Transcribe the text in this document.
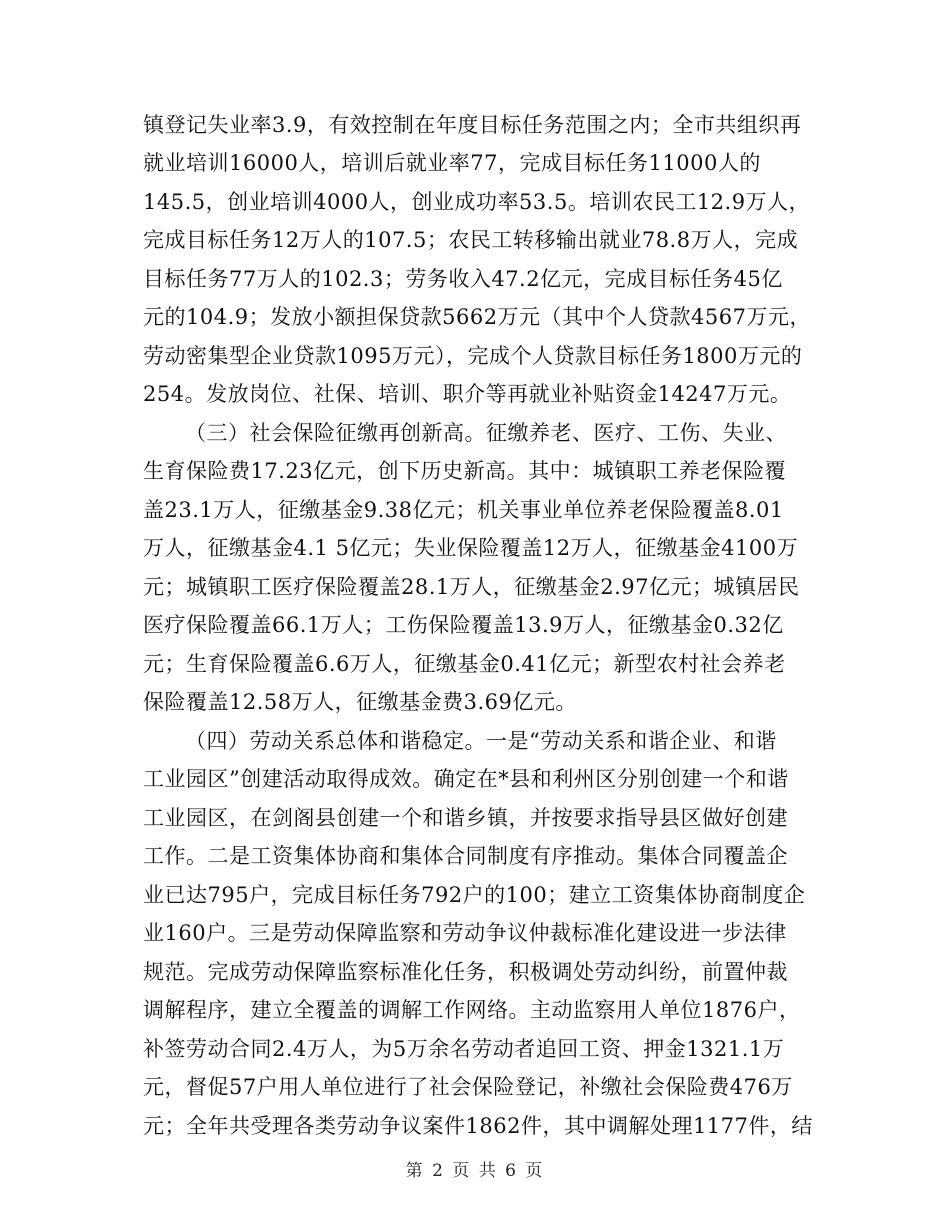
镇登记失业率3.9，有效控制在年度目标任务范围之内；全市共组织再
就业培训16000人，培训后就业率77，完成目标任务11000人的
145.5，创业培训4000人，创业成功率53.5。培训农民工12.9万人，
完成目标任务12万人的107.5；农民工转移输出就业78.8万人，完成
目标任务77万人的102.3；劳务收入47.2亿元，完成目标任务45亿
元的104.9；发放小额担保贷款5662万元（其中个人贷款4567万元，
劳动密集型企业贷款1095万元），完成个人贷款目标任务1800万元的
254。发放岗位、社保、培训、职介等再就业补贴资金14247万元。
（三）社会保险征缴再创新高。征缴养老、医疗、工伤、失业、
生育保险费17.23亿元，创下历史新高。其中：城镇职工养老保险覆
盖23.1万人，征缴基金9.38亿元；机关事业单位养老保险覆盖8.01
万人，征缴基金4.1 5亿元；失业保险覆盖12万人，征缴基金4100万
元；城镇职工医疗保险覆盖28.1万人，征缴基金2.97亿元；城镇居民
医疗保险覆盖66.1万人；工伤保险覆盖13.9万人，征缴基金0.32亿
元；生育保险覆盖6.6万人，征缴基金0.41亿元；新型农村社会养老
保险覆盖12.58万人，征缴基金费3.69亿元。
（四）劳动关系总体和谐稳定。一是“劳动关系和谐企业、和谐
工业园区”创建活动取得成效。确定在*县和利州区分别创建一个和谐
工业园区，在剑阁县创建一个和谐乡镇，并按要求指导县区做好创建
工作。二是工资集体协商和集体合同制度有序推动。集体合同覆盖企
业已达795户，完成目标任务792户的100；建立工资集体协商制度企
业160户。三是劳动保障监察和劳动争议仲裁标准化建设进一步法律
规范。完成劳动保障监察标准化任务，积极调处劳动纠纷，前置仲裁
调解程序，建立全覆盖的调解工作网络。主动监察用人单位1876户，
补签劳动合同2.4万人，为5万余名劳动者追回工资、押金1321.1万
元，督促57户用人单位进行了社会保险登记，补缴社会保险费476万
元；全年共受理各类劳动争议案件1862件，其中调解处理1177件，结
第 2 页 共 6 页
